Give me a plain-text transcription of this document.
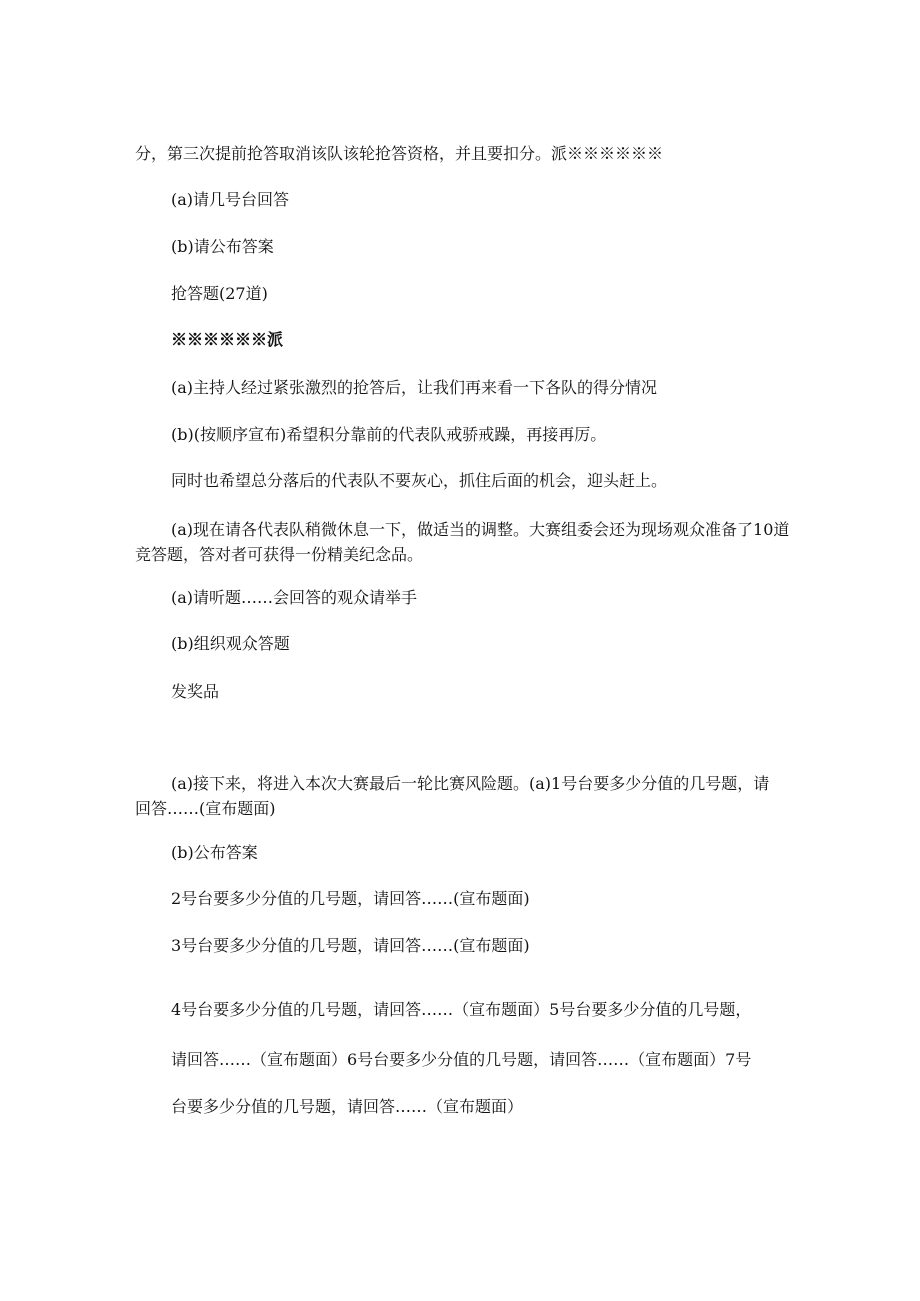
分，第三次提前抢答取消该队该轮抢答资格，并且要扣分。派※※※※※※

(a)请几号台回答

(b)请公布答案

抢答题(27道)

※※※※※※派

(a)主持人经过紧张激烈的抢答后，让我们再来看一下各队的得分情况

(b)(按顺序宣布)希望积分靠前的代表队戒骄戒躁，再接再厉。

同时也希望总分落后的代表队不要灰心，抓住后面的机会，迎头赶上。

(a)现在请各代表队稍微休息一下，做适当的调整。大赛组委会还为现场观众准备了10道竞答题，答对者可获得一份精美纪念品。

(a)请听题……会回答的观众请举手

(b)组织观众答题

发奖品

(a)接下来，将进入本次大赛最后一轮比赛风险题。(a)1号台要多少分值的几号题，请回答……(宣布题面)

(b)公布答案

2号台要多少分值的几号题，请回答……(宣布题面)

3号台要多少分值的几号题，请回答……(宣布题面)

4号台要多少分值的几号题，请回答……（宣布题面）5号台要多少分值的几号题，

请回答……（宣布题面）6号台要多少分值的几号题，请回答……（宣布题面）7号

台要多少分值的几号题，请回答……（宣布题面）
